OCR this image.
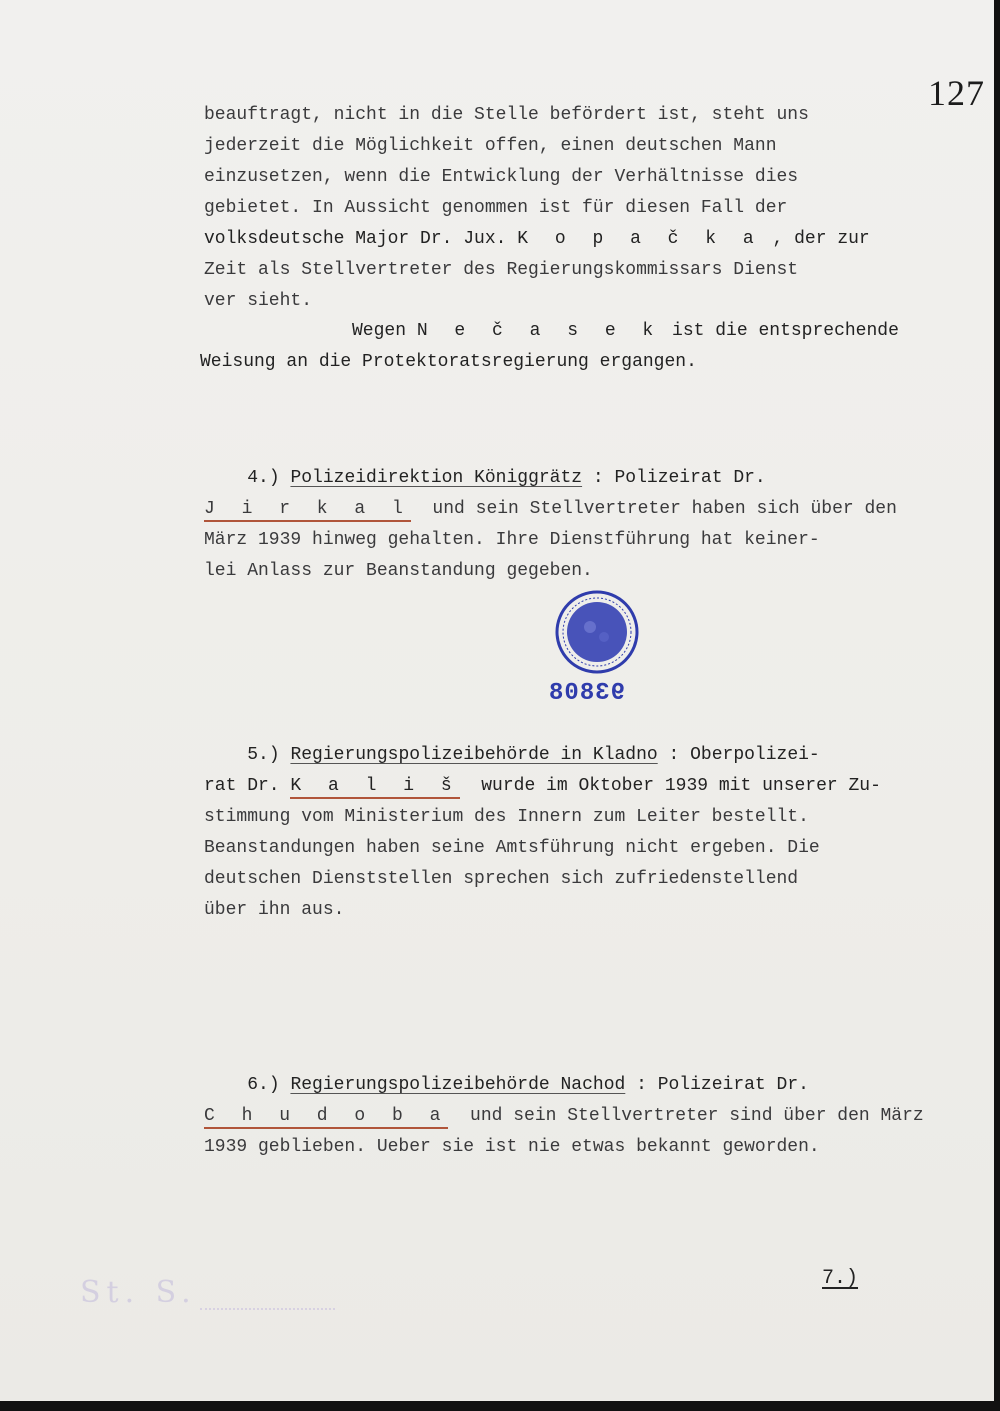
127
beauftragt, nicht in die Stelle befördert ist, steht uns
jederzeit die Möglichkeit offen, einen deutschen Mann
einzusetzen, wenn die Entwicklung der Verhältnisse dies
gebietet. In Aussicht genommen ist für diesen Fall der
volksdeutsche Major Dr. Jux. K o p a č k a , der zur
Zeit als Stellvertreter des Regierungskommissars Dienst
ver sieht.
Wegen N e č a s e k ist die entsprechende
Weisung an die Protektoratsregierung ergangen.
4.) Polizeidirektion Königgrätz : Polizeirat Dr.
J i r k a l  und sein Stellvertreter haben sich über den
März 1939 hinweg gehalten. Ihre Dienstführung hat keiner-
lei Anlass zur Beanstandung gegeben.
93808
5.) Regierungspolizeibehörde in Kladno : Oberpolizei-
rat Dr. K a l i š  wurde im Oktober 1939 mit unserer Zu-
stimmung vom Ministerium des Innern zum Leiter bestellt.
Beanstandungen haben seine Amtsführung nicht ergeben. Die
deutschen Dienststellen sprechen sich zufriedenstellend
über ihn aus.
6.) Regierungspolizeibehörde Nachod : Polizeirat Dr.
C h u d o b a  und sein Stellvertreter sind über den März
1939 geblieben. Ueber sie ist nie etwas bekannt geworden.
St. S.	7.)
